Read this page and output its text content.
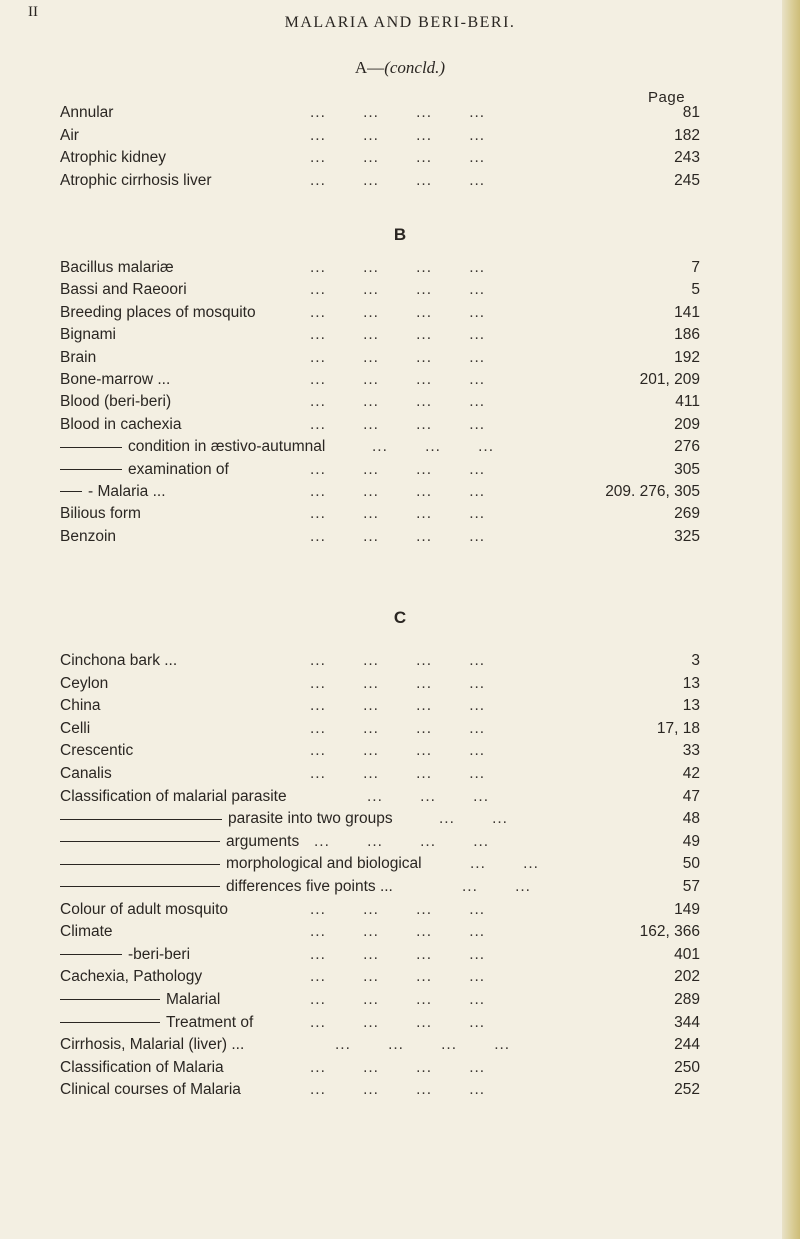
II
MALARIA AND BERI-BERI.
A—(concld.)
Page
B
C
Annular	...       ...       ...       ...	81
Air	...       ...       ...       ...	182
Atrophic kidney	...       ...       ...       ...	243
Atrophic cirrhosis liver	...       ...       ...       ...	245
Bacillus malariæ	...       ...       ...       ...	7
Bassi and Raeoori	...       ...       ...       ...	5
Breeding places of mosquito	...       ...       ...       ...	141
Bignami	...       ...       ...       ...	186
Brain	...       ...       ...       ...	192
Bone-marrow ...	...       ...       ...       ...	201, 209
Blood (beri-beri)	...       ...       ...       ...	411
Blood in cachexia	...       ...       ...       ...	209
condition in æstivo-autumnal	...       ...       ...	276
examination of	...       ...       ...       ...	305
- Malaria ...	...       ...       ...       ...	209. 276, 305
Bilious form	...       ...       ...       ...	269
Benzoin	...       ...       ...       ...	325
Cinchona bark ...	...       ...       ...       ...	3
Ceylon	...       ...       ...       ...	13
China	...       ...       ...       ...	13
Celli	...       ...       ...       ...	17, 18
Crescentic	...       ...       ...       ...	33
Canalis	...       ...       ...       ...	42
Classification of malarial parasite	...       ...       ...	47
parasite into two groups	...       ...	48
arguments ...       ...       ...       ...	49
morphological and biological	...       ...	50
differences five points ...	...       ...	57
Colour of adult mosquito	...       ...       ...       ...	149
Climate	...       ...       ...       ...	162, 366
-beri-beri	...       ...       ...       ...	401
Cachexia, Pathology	...       ...       ...       ...	202
Malarial	...       ...       ...       ...	289
Treatment of	...       ...       ...       ...	344
Cirrhosis, Malarial (liver) ...	...       ...       ...       ...	244
Classification of Malaria	...       ...       ...       ...	250
Clinical courses of Malaria	...       ...       ...       ...	252
